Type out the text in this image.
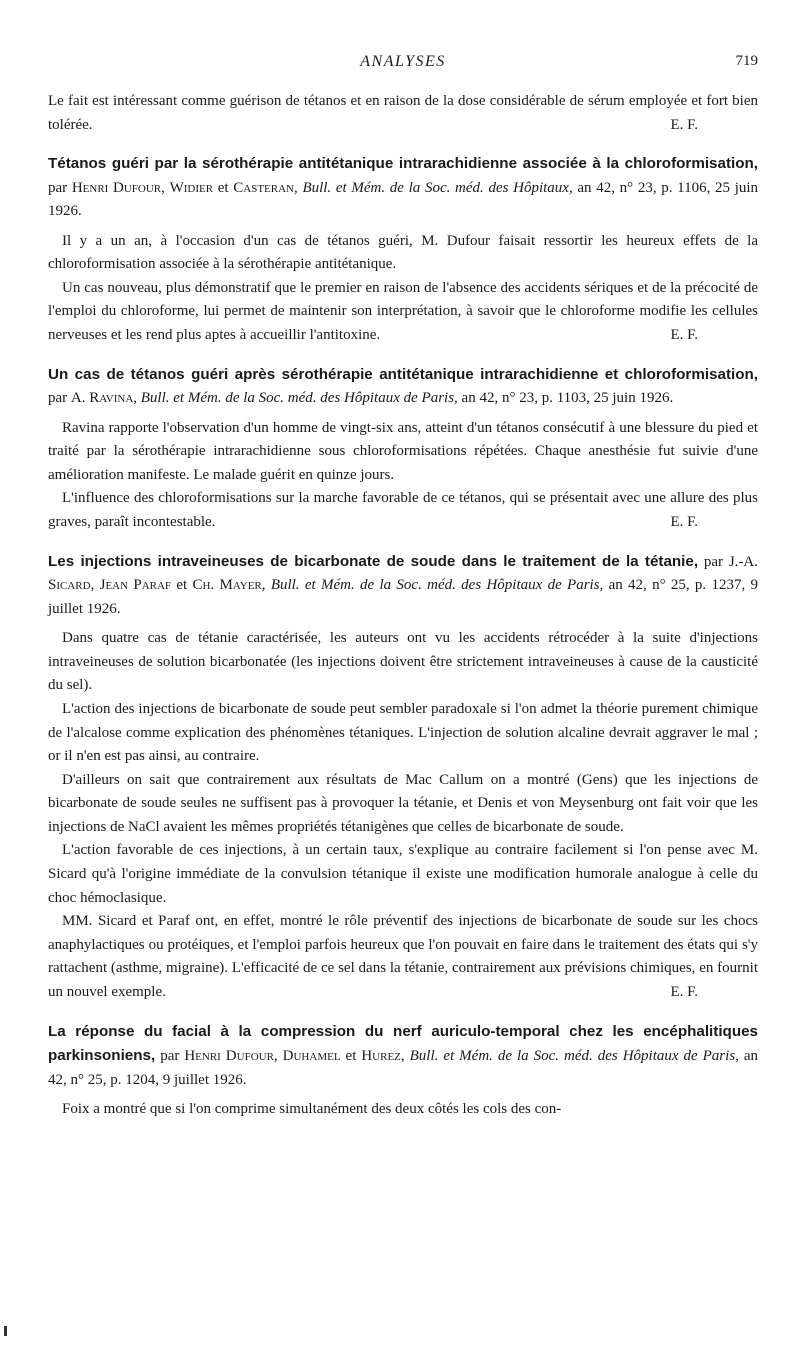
ANALYSES	719

Le fait est intéressant comme guérison de tétanos et en raison de la dose considérable de sérum employée et fort bien tolérée.	E. F.

Tétanos guéri par la sérothérapie antitétanique intrarachidienne associée à la chloroformisation, par Henri Dufour, Widier et Casteran, Bull. et Mém. de la Soc. méd. des Hôpitaux, an 42, n° 23, p. 1106, 25 juin 1926.

Il y a un an, à l'occasion d'un cas de tétanos guéri, M. Dufour faisait ressortir les heureux effets de la chloroformisation associée à la sérothérapie antitétanique.

Un cas nouveau, plus démonstratif que le premier en raison de l'absence des accidents sériques et de la précocité de l'emploi du chloroforme, lui permet de maintenir son interprétation, à savoir que le chloroforme modifie les cellules nerveuses et les rend plus aptes à accueillir l'antitoxine.	E. F.

Un cas de tétanos guéri après sérothérapie antitétanique intrarachidienne et chloroformisation, par A. Ravina, Bull. et Mém. de la Soc. méd. des Hôpitaux de Paris, an 42, n° 23, p. 1103, 25 juin 1926.

Ravina rapporte l'observation d'un homme de vingt-six ans, atteint d'un tétanos consécutif à une blessure du pied et traité par la sérothérapie intrarachidienne sous chloroformisations répétées. Chaque anesthésie fut suivie d'une amélioration manifeste. Le malade guérit en quinze jours.

L'influence des chloroformisations sur la marche favorable de ce tétanos, qui se présentait avec une allure des plus graves, paraît incontestable.	E. F.

Les injections intraveineuses de bicarbonate de soude dans le traitement de la tétanie, par J.-A. Sicard, Jean Paraf et Ch. Mayer, Bull. et Mém. de la Soc. méd. des Hôpitaux de Paris, an 42, n° 25, p. 1237, 9 juillet 1926.

Dans quatre cas de tétanie caractérisée, les auteurs ont vu les accidents rétrocéder à la suite d'injections intraveineuses de solution bicarbonatée (les injections doivent être strictement intraveineuses à cause de la causticité du sel).

L'action des injections de bicarbonate de soude peut sembler paradoxale si l'on admet la théorie purement chimique de l'alcalose comme explication des phénomènes tétaniques. L'injection de solution alcaline devrait aggraver le mal ; or il n'en est pas ainsi, au contraire.

D'ailleurs on sait que contrairement aux résultats de Mac Callum on a montré (Gens) que les injections de bicarbonate de soude seules ne suffisent pas à provoquer la tétanie, et Denis et von Meysenburg ont fait voir que les injections de NaCl avaient les mêmes propriétés tétanigènes que celles de bicarbonate de soude.

L'action favorable de ces injections, à un certain taux, s'explique au contraire facilement si l'on pense avec M. Sicard qu'à l'origine immédiate de la convulsion tétanique il existe une modification humorale analogue à celle du choc hémoclasique.

MM. Sicard et Paraf ont, en effet, montré le rôle préventif des injections de bicarbonate de soude sur les chocs anaphylactiques ou protéiques, et l'emploi parfois heureux que l'on pouvait en faire dans le traitement des états qui s'y rattachent (asthme, migraine). L'efficacité de ce sel dans la tétanie, contrairement aux prévisions chimiques, en fournit un nouvel exemple.	E. F.

La réponse du facial à la compression du nerf auriculo-temporal chez les encéphalitiques parkinsoniens, par Henri Dufour, Duhamel et Hurez, Bull. et Mém. de la Soc. méd. des Hôpitaux de Paris, an 42, n° 25, p. 1204, 9 juillet 1926.

Foix a montré que si l'on comprime simultanément des deux côtés les cols des con-
